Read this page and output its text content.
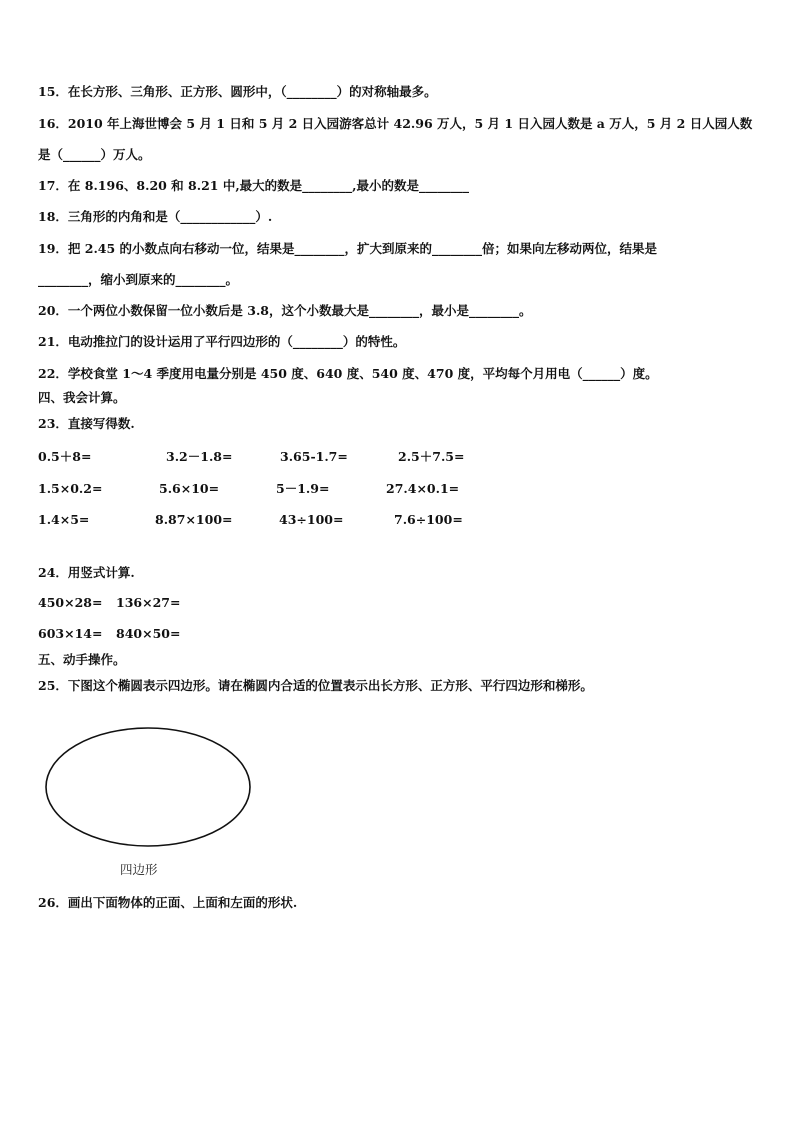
15．在长方形、三角形、正方形、圆形中，（________）的对称轴最多。
16．2010 年上海世博会 5 月 1 日和 5 月 2 日入园游客总计 42.96 万人，5 月 1 日入园人数是 a 万人，5 月 2 日人园人数
是（______）万人。
17．在 8.196、8.20 和 8.21 中,最大的数是________,最小的数是________
18．三角形的内角和是（____________）.
19．把 2.45 的小数点向右移动一位，结果是________，扩大到原来的________倍；如果向左移动两位，结果是
________，缩小到原来的________。
20．一个两位小数保留一位小数后是 3.8，这个小数最大是________，最小是________。
21．电动推拉门的设计运用了平行四边形的（________）的特性。
22．学校食堂 1～4 季度用电量分别是 450 度、640 度、540 度、470 度，平均每个月用电（______）度。
四、我会计算。
23．直接写得数.
0.5＋8=	3.2－1.8=	3.65-1.7=	2.5＋7.5=
1.5×0.2=	5.6×10=	5－1.9=	27.4×0.1=
1.4×5=	8.87×100=	43÷100=	7.6÷100=
24．用竖式计算.
450×28= 136×27=
603×14= 840×50=
五、动手操作。
25．下图这个椭圆表示四边形。请在椭圆内合适的位置表示出长方形、正方形、平行四边形和梯形。
四边形
26．画出下面物体的正面、上面和左面的形状.
